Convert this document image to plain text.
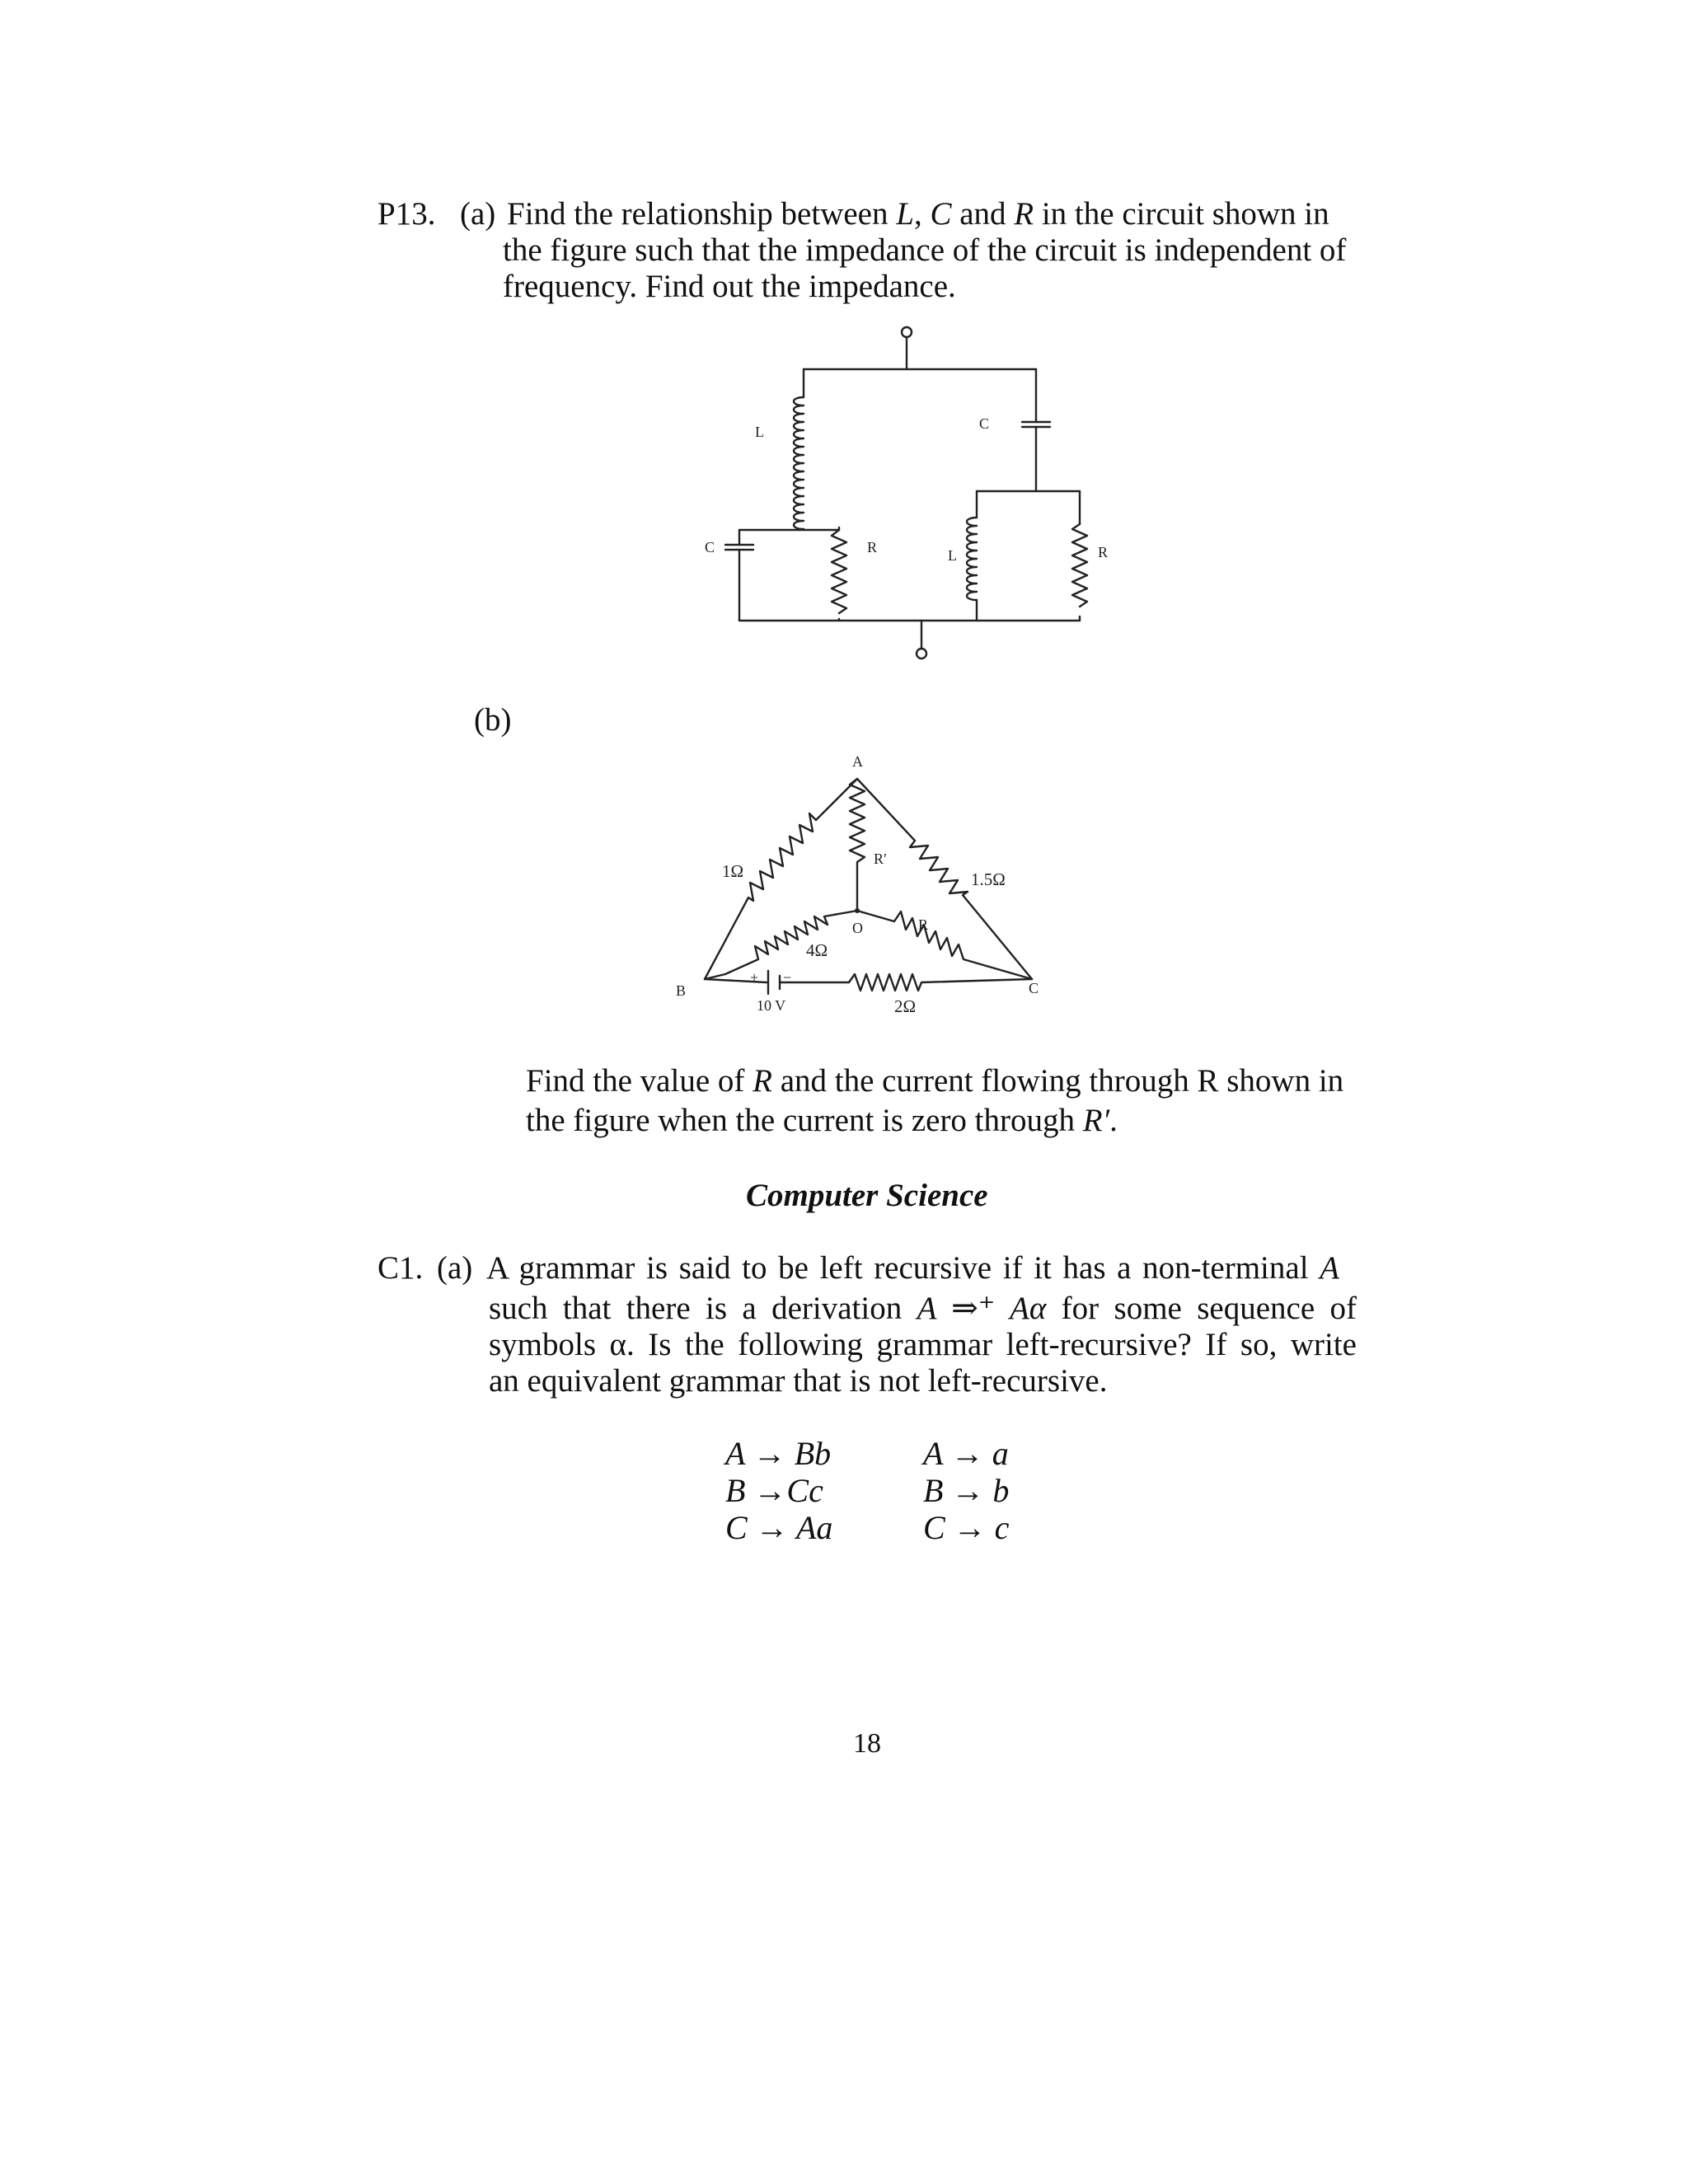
P13. (a) Find the relationship between L, C and R in the circuit shown in
the figure such that the impedance of the circuit is independent of
frequency. Find out the impedance.
L	C
C	R	L	R
(b)
A
B	C
O
1Ω	1.5Ω
4Ω
2Ω
R
R′
10 V
+ −
Find the value of R and the current flowing through R shown in
the figure when the current is zero through R′.
Computer Science
C1. (a) A grammar is said to be left recursive if it has a non-terminal A
such that there is a derivation A ⇒⁺ Aα for some sequence of
symbols α. Is the following grammar left-recursive? If so, write
an equivalent grammar that is not left-recursive.
A → Bb
B →Cc
C → Aa
A → a
B → b
C → c
18
